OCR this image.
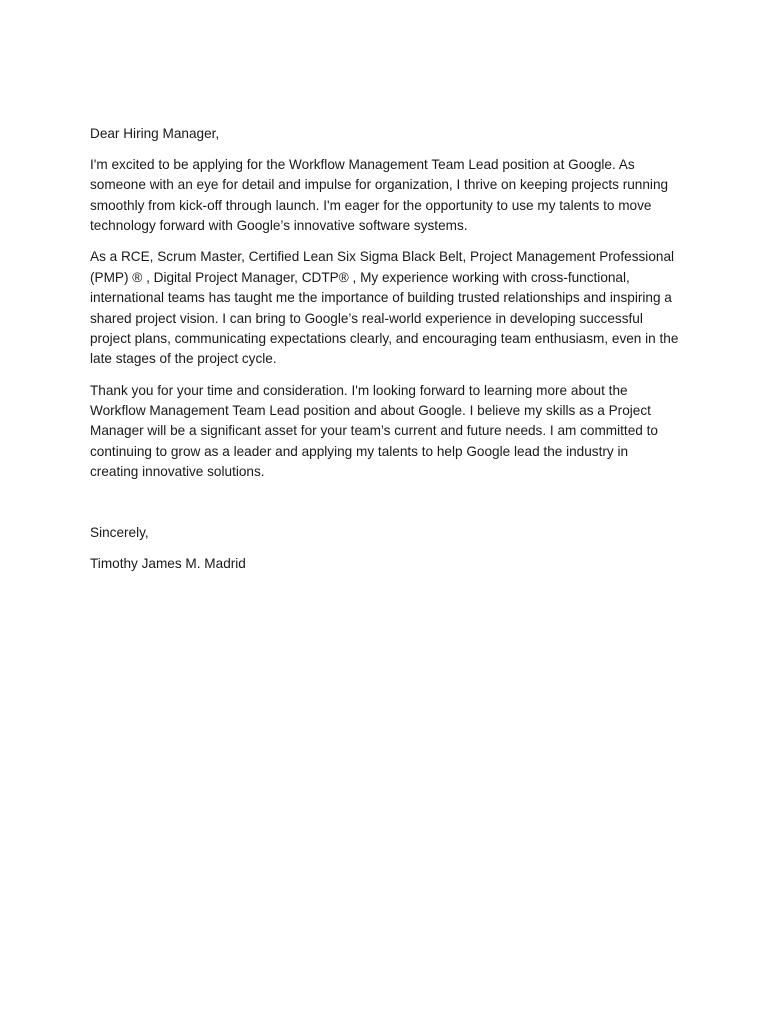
Dear Hiring Manager,

I'm excited to be applying for the Workflow Management Team Lead position at Google. As someone with an eye for detail and impulse for organization, I thrive on keeping projects running smoothly from kick-off through launch. I'm eager for the opportunity to use my talents to move technology forward with Google’s innovative software systems.

As a RCE, Scrum Master, Certified Lean Six Sigma Black Belt, Project Management Professional (PMP) ® , Digital Project Manager, CDTP® , My experience working with cross-functional, international teams has taught me the importance of building trusted relationships and inspiring a shared project vision. I can bring to Google’s real-world experience in developing successful project plans, communicating expectations clearly, and encouraging team enthusiasm, even in the late stages of the project cycle.

Thank you for your time and consideration. I'm looking forward to learning more about the Workflow Management Team Lead position and about Google. I believe my skills as a Project Manager will be a significant asset for your team’s current and future needs. I am committed to continuing to grow as a leader and applying my talents to help Google lead the industry in creating innovative solutions.

Sincerely,

Timothy James M. Madrid
